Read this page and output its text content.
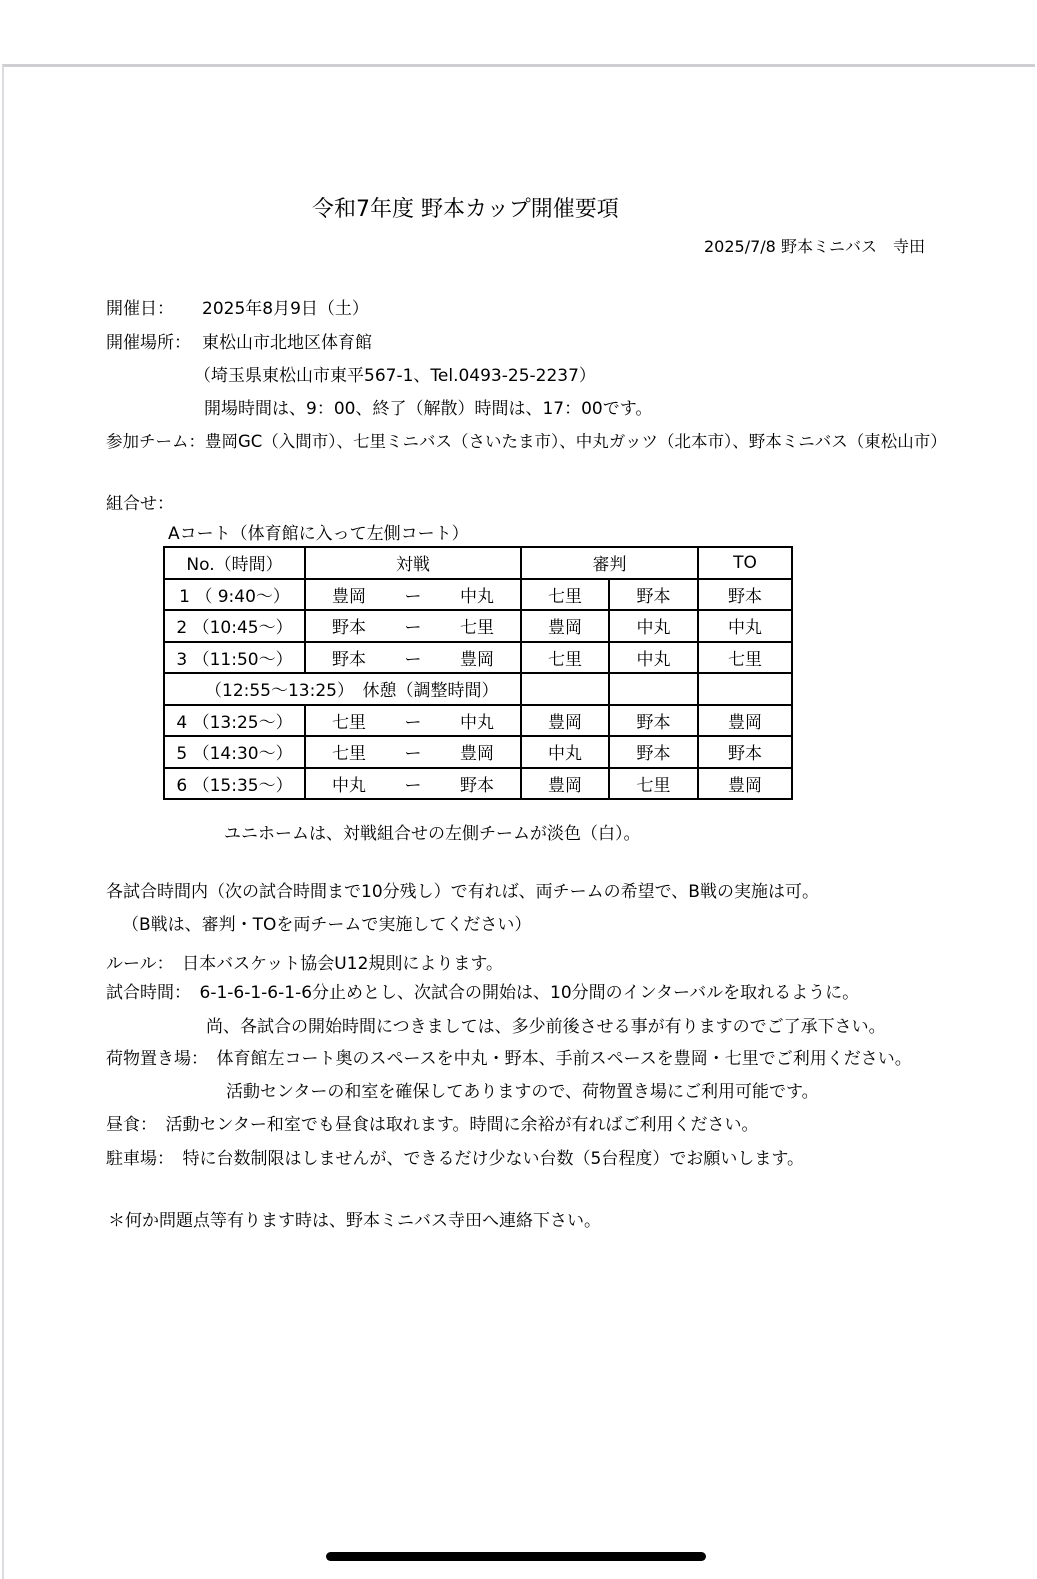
令和7年度 野本カップ開催要項
2025/7/8 野本ミニバス　寺田
開催日： 2025年8月9日（土）
開催場所： 東松山市北地区体育館
（埼玉県東松山市東平567-1、Tel.0493-25-2237）
開場時間は、9：00、終了（解散）時間は、17：00です。
参加チーム：豊岡GC（入間市）、七里ミニバス（さいたま市）、中丸ガッツ（北本市）、野本ミニバス（東松山市）
組合せ：
Aコート（体育館に入って左側コート）
ユニホームは、対戦組合せの左側チームが淡色（白）。
各試合時間内（次の試合時間まで10分残し）で有れば、両チームの希望で、B戦の実施は可。
（B戦は、審判・TOを両チームで実施してください）
ルール：　日本バスケット協会U12規則によります。
試合時間：　6-1-6-1-6-1-6分止めとし、次試合の開始は、10分間のインターバルを取れるように。
尚、各試合の開始時間につきましては、多少前後させる事が有りますのでご了承下さい。
荷物置き場：　体育館左コート奥のスペースを中丸・野本、手前スペースを豊岡・七里でご利用ください。
活動センターの和室を確保してありますので、荷物置き場にご利用可能です。
昼食：　活動センター和室でも昼食は取れます。時間に余裕が有ればご利用ください。
駐車場：　特に台数制限はしませんが、できるだけ少ない台数（5台程度）でお願いします。
＊何か問題点等有ります時は、野本ミニバス寺田へ連絡下さい。
No.（時間）	対戦	審判		TO
1 （ 9:40〜）	豊岡 ー 中丸	七里	野本	野本
2 （10:45〜）	野本 ー 七里	豊岡	中丸	中丸
3 （11:50〜）	野本 ー 豊岡	七里	中丸	七里
（12:55〜13:25）　休憩（調整時間）				
4 （13:25〜）	七里 ー 中丸	豊岡	野本	豊岡
5 （14:30〜）	七里 ー 豊岡	中丸	野本	野本
6 （15:35〜）	中丸 ー 野本	豊岡	七里	豊岡
